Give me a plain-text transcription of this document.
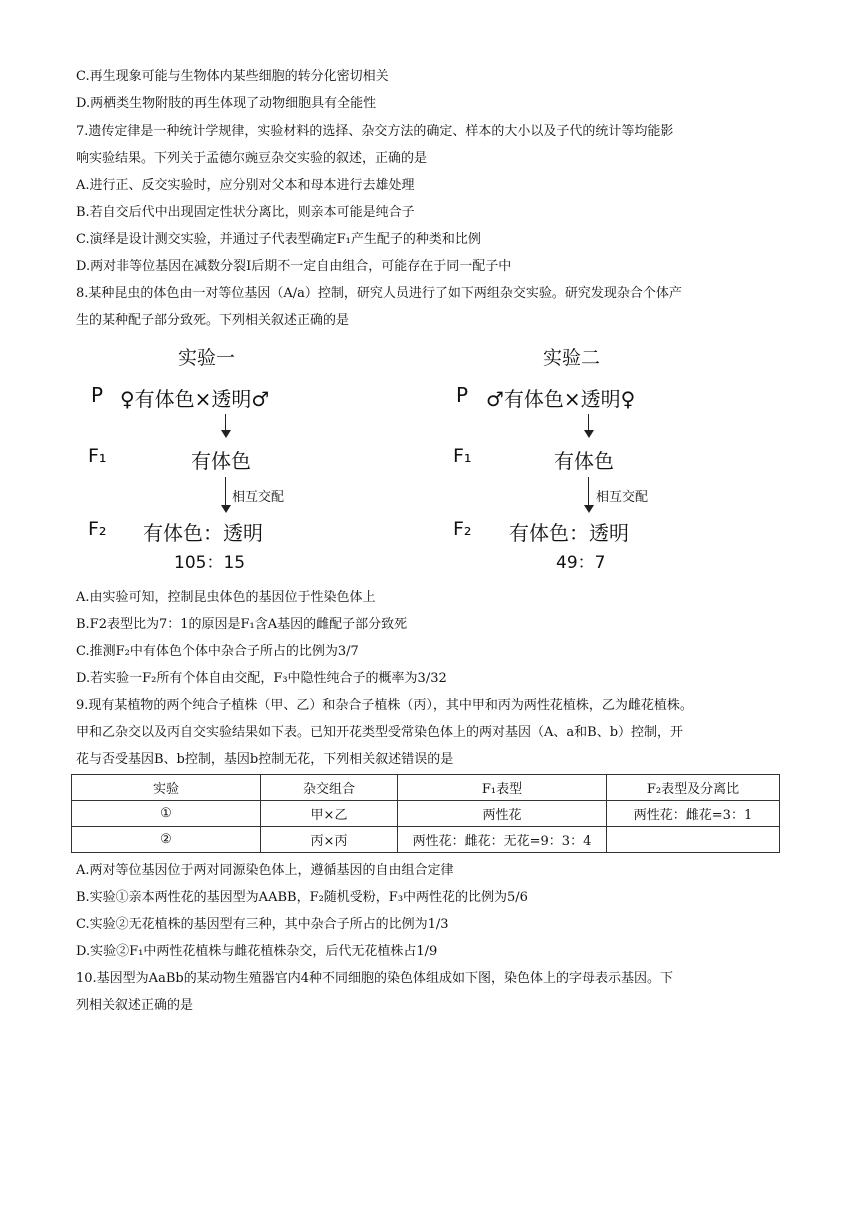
C.再生现象可能与生物体内某些细胞的转分化密切相关
D.两栖类生物附肢的再生体现了动物细胞具有全能性
7.遗传定律是一种统计学规律，实验材料的选择、杂交方法的确定、样本的大小以及子代的统计等均能影
响实验结果。下列关于孟德尔豌豆杂交实验的叙述，正确的是
A.进行正、反交实验时，应分别对父本和母本进行去雄处理
B.若自交后代中出现固定性状分离比，则亲本可能是纯合子
C.演绎是设计测交实验，并通过子代表型确定F₁产生配子的种类和比例
D.两对非等位基因在减数分裂Ⅰ后期不一定自由组合，可能存在于同一配子中
8.某种昆虫的体色由一对等位基因（A/a）控制，研究人员进行了如下两组杂交实验。研究发现杂合个体产
生的某种配子部分致死。下列相关叙述正确的是
实验一
P ♀有体色×透明♂
F₁	有体色
相互交配
F₂ 有体色：透明
105：15
实验二
P ♂有体色×透明♀
F₁	有体色
相互交配
F₂ 有体色：透明
49：7
A.由实验可知，控制昆虫体色的基因位于性染色体上
B.F2表型比为7：1的原因是F₁含A基因的雌配子部分致死
C.推测F₂中有体色个体中杂合子所占的比例为3/7
D.若实验一F₂所有个体自由交配，F₃中隐性纯合子的概率为3/32
9.现有某植物的两个纯合子植株（甲、乙）和杂合子植株（丙），其中甲和丙为两性花植株，乙为雌花植株。
甲和乙杂交以及丙自交实验结果如下表。已知开花类型受常染色体上的两对基因（A、a和B、b）控制，开
花与否受基因B、b控制，基因b控制无花，下列相关叙述错误的是
实验	杂交组合	F₁表型	F₂表型及分离比
①	甲×乙	两性花	两性花：雌花=3：1
②	丙×丙	两性花：雌花：无花=9：3：4	
A.两对等位基因位于两对同源染色体上，遵循基因的自由组合定律
B.实验①亲本两性花的基因型为AABB，F₂随机受粉，F₃中两性花的比例为5/6
C.实验②无花植株的基因型有三种，其中杂合子所占的比例为1/3
D.实验②F₁中两性花植株与雌花植株杂交，后代无花植株占1/9
10.基因型为AaBb的某动物生殖器官内4种不同细胞的染色体组成如下图，染色体上的字母表示基因。下
列相关叙述正确的是
